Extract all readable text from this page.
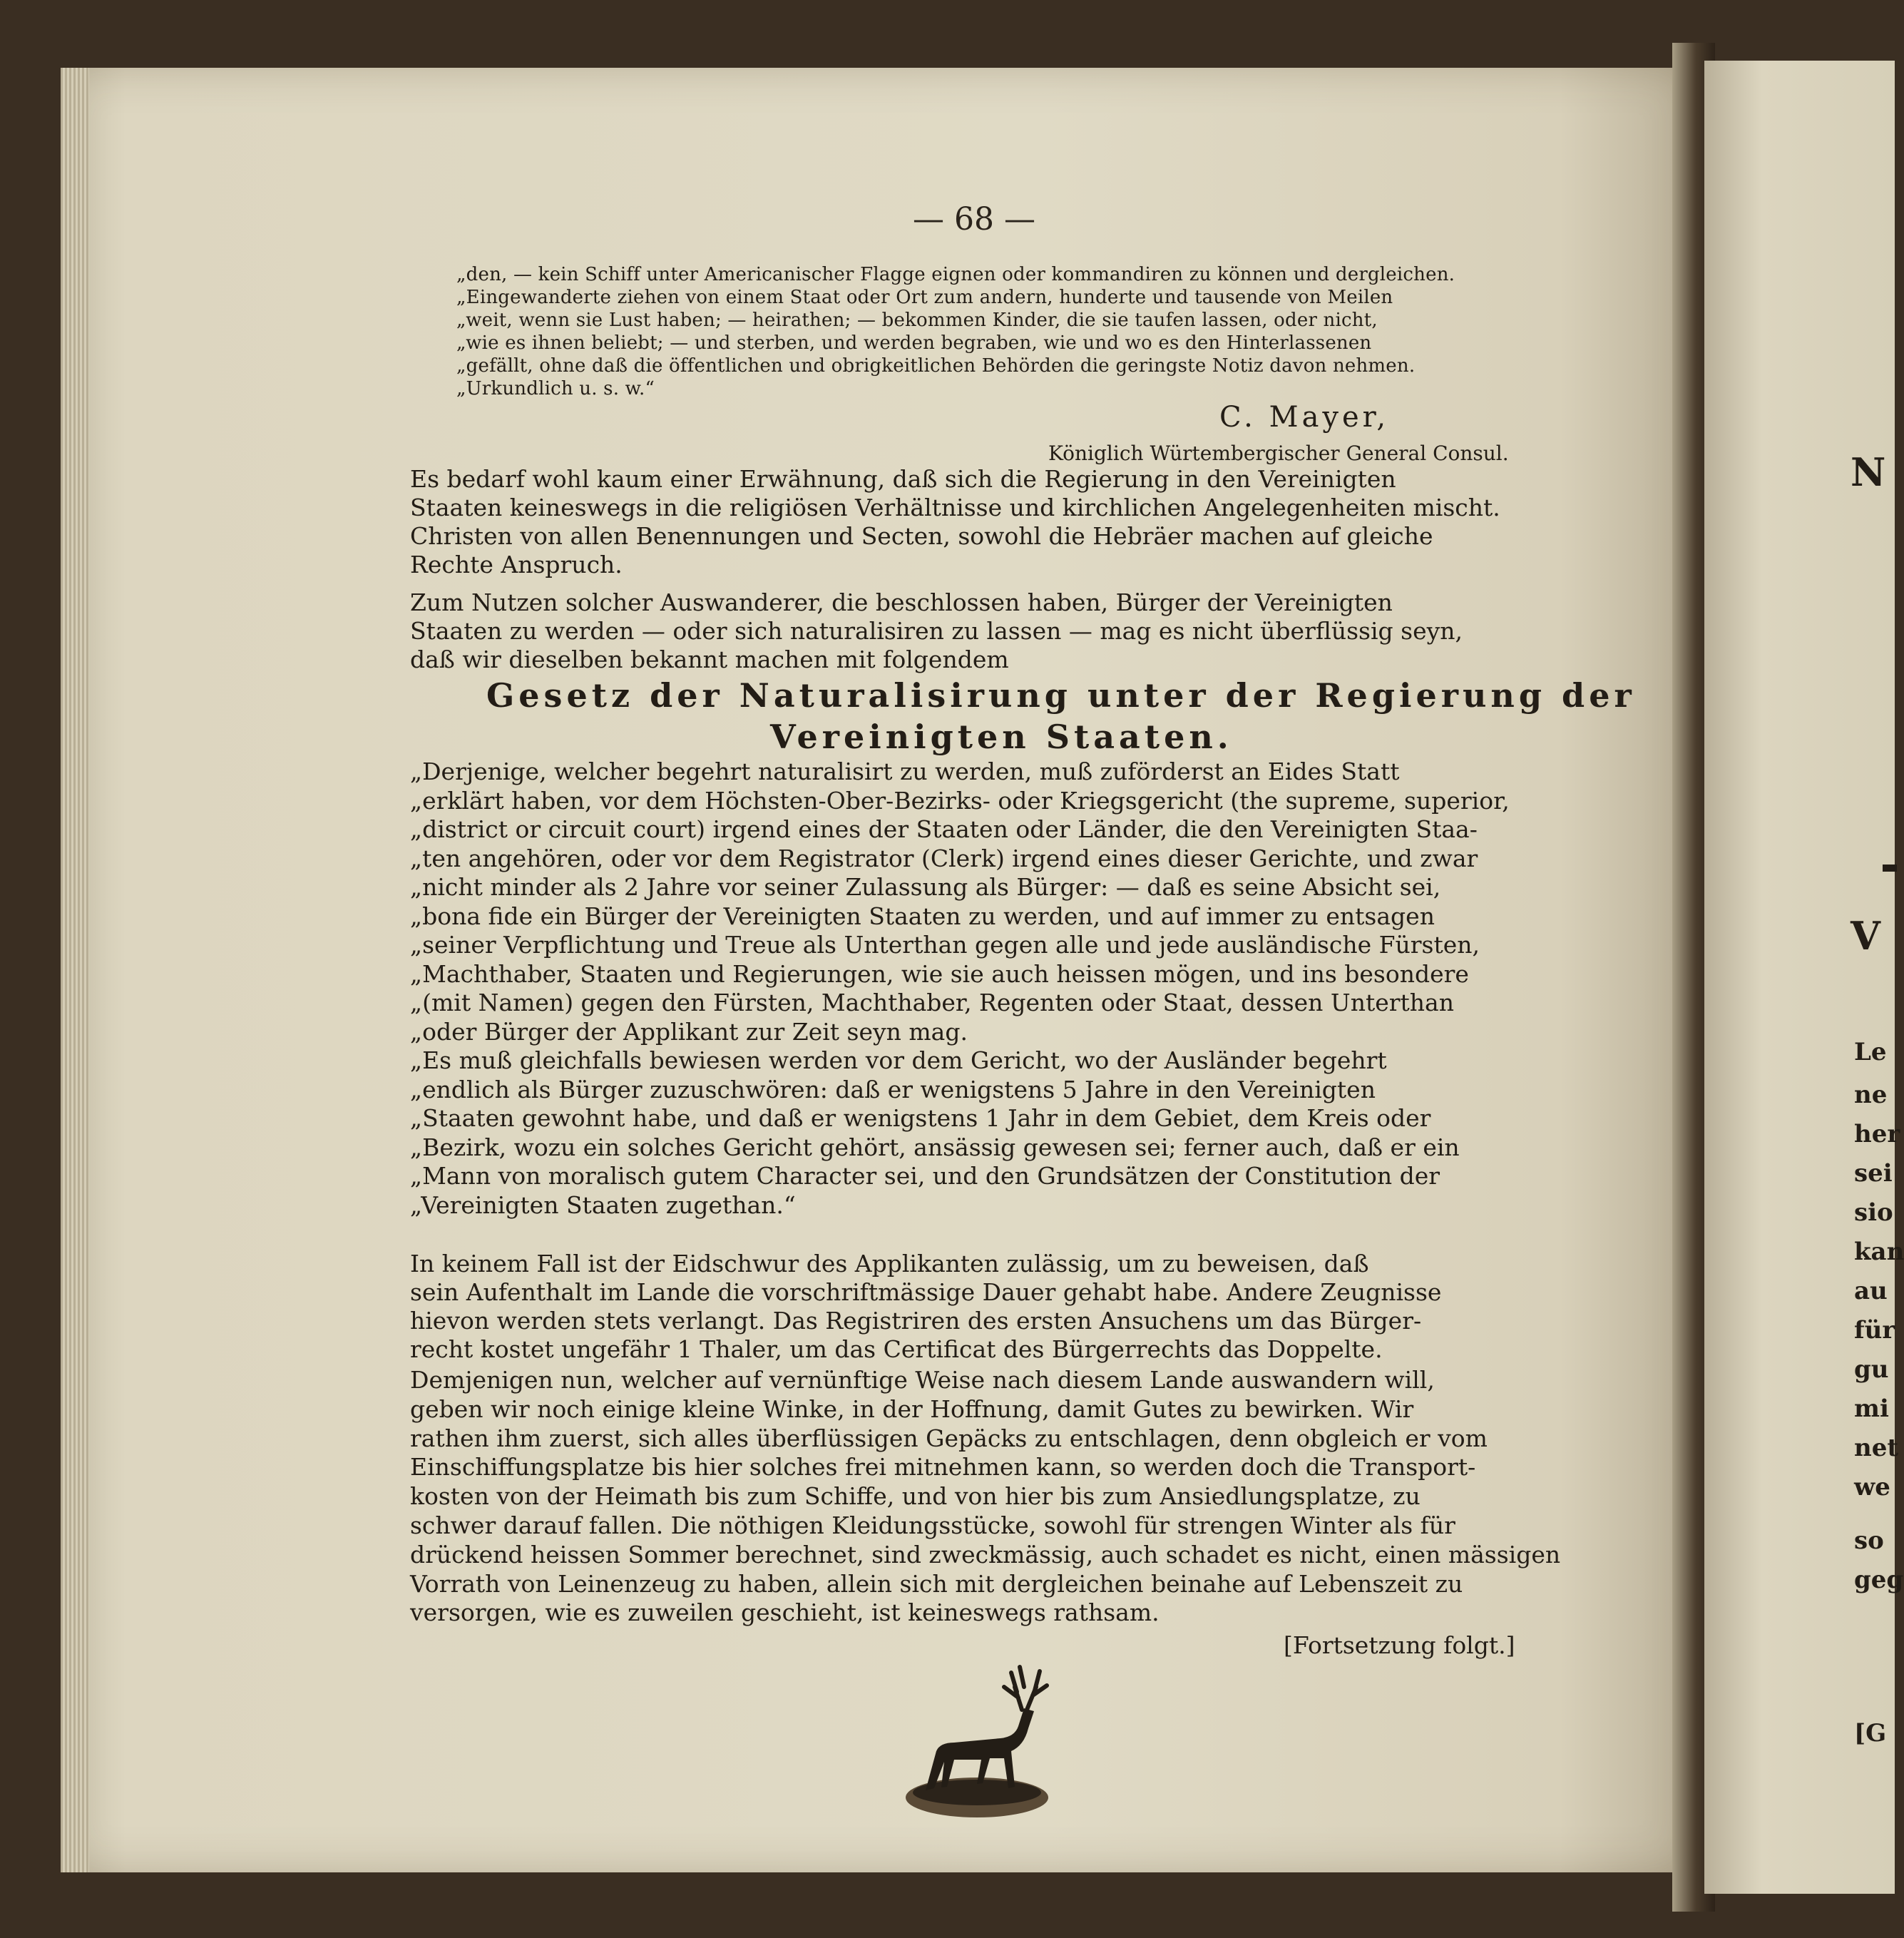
— 68 —
„den, — kein Schiff unter Americanischer Flagge eignen oder kommandiren zu können und dergleichen.
„Eingewanderte ziehen von einem Staat oder Ort zum andern, hunderte und tausende von Meilen
„weit, wenn sie Lust haben; — heirathen; — bekommen Kinder, die sie taufen lassen, oder nicht,
„wie es ihnen beliebt; — und sterben, und werden begraben, wie und wo es den Hinterlassenen
„gefällt, ohne daß die öffentlichen und obrigkeitlichen Behörden die geringste Notiz davon nehmen.
„Urkundlich u. s. w.“
C. Mayer,
Königlich Würtembergischer General Consul.
Es bedarf wohl kaum einer Erwähnung, daß sich die Regierung in den Vereinigten
Staaten keineswegs in die religiösen Verhältnisse und kirchlichen Angelegenheiten mischt.
Christen von allen Benennungen und Secten, sowohl die Hebräer machen auf gleiche
Rechte Anspruch.
Zum Nutzen solcher Auswanderer, die beschlossen haben, Bürger der Vereinigten
Staaten zu werden — oder sich naturalisiren zu lassen — mag es nicht überflüssig seyn,
daß wir dieselben bekannt machen mit folgendem
Gesetz der Naturalisirung unter der Regierung der
Vereinigten Staaten.
„Derjenige, welcher begehrt naturalisirt zu werden, muß zuförderst an Eides Statt
„erklärt haben, vor dem Höchsten-Ober-Bezirks- oder Kriegsgericht (the supreme, superior,
„district or circuit court) irgend eines der Staaten oder Länder, die den Vereinigten Staa-
„ten angehören, oder vor dem Registrator (Clerk) irgend eines dieser Gerichte, und zwar
„nicht minder als 2 Jahre vor seiner Zulassung als Bürger: — daß es seine Absicht sei,
„bona fide ein Bürger der Vereinigten Staaten zu werden, und auf immer zu entsagen
„seiner Verpflichtung und Treue als Unterthan gegen alle und jede ausländische Fürsten,
„Machthaber, Staaten und Regierungen, wie sie auch heissen mögen, und ins besondere
„(mit Namen) gegen den Fürsten, Machthaber, Regenten oder Staat, dessen Unterthan
„oder Bürger der Applikant zur Zeit seyn mag.
„Es muß gleichfalls bewiesen werden vor dem Gericht, wo der Ausländer begehrt
„endlich als Bürger zuzuschwören: daß er wenigstens 5 Jahre in den Vereinigten
„Staaten gewohnt habe, und daß er wenigstens 1 Jahr in dem Gebiet, dem Kreis oder
„Bezirk, wozu ein solches Gericht gehört, ansässig gewesen sei; ferner auch, daß er ein
„Mann von moralisch gutem Character sei, und den Grundsätzen der Constitution der
„Vereinigten Staaten zugethan.“
In keinem Fall ist der Eidschwur des Applikanten zulässig, um zu beweisen, daß
sein Aufenthalt im Lande die vorschriftmässige Dauer gehabt habe. Andere Zeugnisse
hievon werden stets verlangt. Das Registriren des ersten Ansuchens um das Bürger-
recht kostet ungefähr 1 Thaler, um das Certificat des Bürgerrechts das Doppelte.
Demjenigen nun, welcher auf vernünftige Weise nach diesem Lande auswandern will,
geben wir noch einige kleine Winke, in der Hoffnung, damit Gutes zu bewirken. Wir
rathen ihm zuerst, sich alles überflüssigen Gepäcks zu entschlagen, denn obgleich er vom
Einschiffungsplatze bis hier solches frei mitnehmen kann, so werden doch die Transport-
kosten von der Heimath bis zum Schiffe, und von hier bis zum Ansiedlungsplatze, zu
schwer darauf fallen. Die nöthigen Kleidungsstücke, sowohl für strengen Winter als für
drückend heissen Sommer berechnet, sind zweckmässig, auch schadet es nicht, einen mässigen
Vorrath von Leinenzeug zu haben, allein sich mit dergleichen beinahe auf Lebenszeit zu
versorgen, wie es zuweilen geschieht, ist keineswegs rathsam.
[Fortsetzung folgt.]
N
V
Le
ne
her
sei
sio
kan
au
für
gu
mi
net
we
so
geg
[G
